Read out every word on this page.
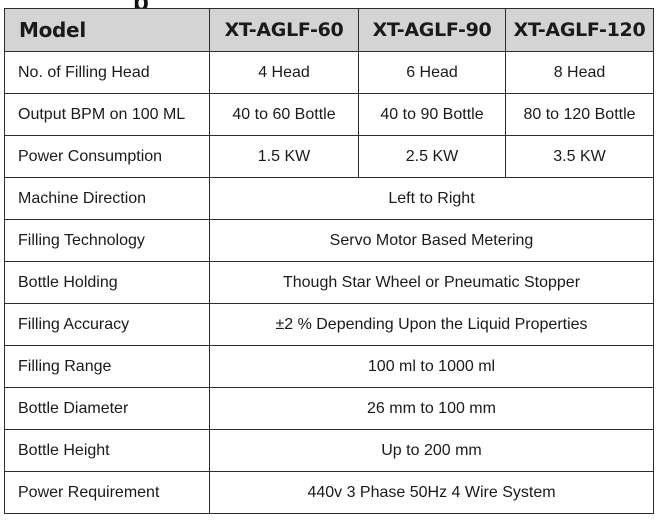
Model	XT-AGLF-60	XT-AGLF-90	XT-AGLF-120
No. of Filling Head	4 Head	6 Head	8 Head
Output BPM on 100 ML	40 to 60 Bottle	40 to 90 Bottle	80 to 120 Bottle
Power Consumption	1.5 KW	2.5 KW	3.5 KW
Machine Direction	Left to Right		
Filling Technology	Servo Motor Based Metering		
Bottle Holding	Though Star Wheel or Pneumatic Stopper		
Filling Accuracy	±2 % Depending Upon the Liquid Properties		
Filling Range	100 ml to 1000 ml		
Bottle Diameter	26 mm to 100 mm		
Bottle Height	Up to 200 mm		
Power Requirement	440v 3 Phase 50Hz 4 Wire System		
